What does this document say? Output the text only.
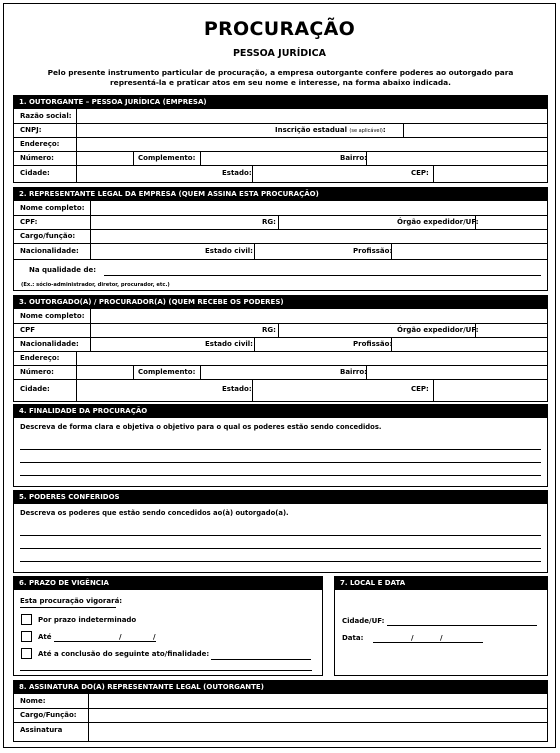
PROCURAÇÃO
PESSOA JURÍDICA
Pelo presente instrumento particular de procuração, a empresa outorgante confere poderes ao outorgado para representá-la e praticar atos em seu nome e interesse, na forma abaixo indicada.
1. OUTORGANTE – PESSOA JURÍDICA (EMPRESA)
Razão social:
CNPJ:	Inscrição estadual (se aplicável):
Endereço:
Número:	Complemento:	Bairro:
Cidade:	Estado:	CEP:
2. REPRESENTANTE LEGAL DA EMPRESA (QUEM ASSINA ESTA PROCURAÇÃO)
Nome completo:
CPF:	RG:	Órgão expedidor/UF:
Cargo/função:
Nacionalidade:	Estado civil:	Profissão:
Na qualidade de:
(Ex.: sócio-administrador, diretor, procurador, etc.)
3. OUTORGADO(A) / PROCURADOR(A) (QUEM RECEBE OS PODERES)
Nome completo:
CPF	RG:	Órgão expedidor/UF:
Nacionalidade:	Estado civil:	Profissão:
Endereço:
Número:	Complemento:	Bairro:
Cidade:	Estado:	CEP:
4. FINALIDADE DA PROCURAÇÃO
Descreva de forma clara e objetiva o objetivo para o qual os poderes estão sendo concedidos.
5. PODERES CONFERIDOS
Descreva os poderes que estão sendo concedidos ao(à) outorgado(a).
6. PRAZO DE VIGÊNCIA
Esta procuração vigorará:
Por prazo indeterminado
Até	/	/
Até a conclusão do seguinte ato/finalidade:
7. LOCAL E DATA
Cidade/UF:
Data:	/	/
8. ASSINATURA DO(A) REPRESENTANTE LEGAL (OUTORGANTE)
Nome:
Cargo/Função:
Assinatura
